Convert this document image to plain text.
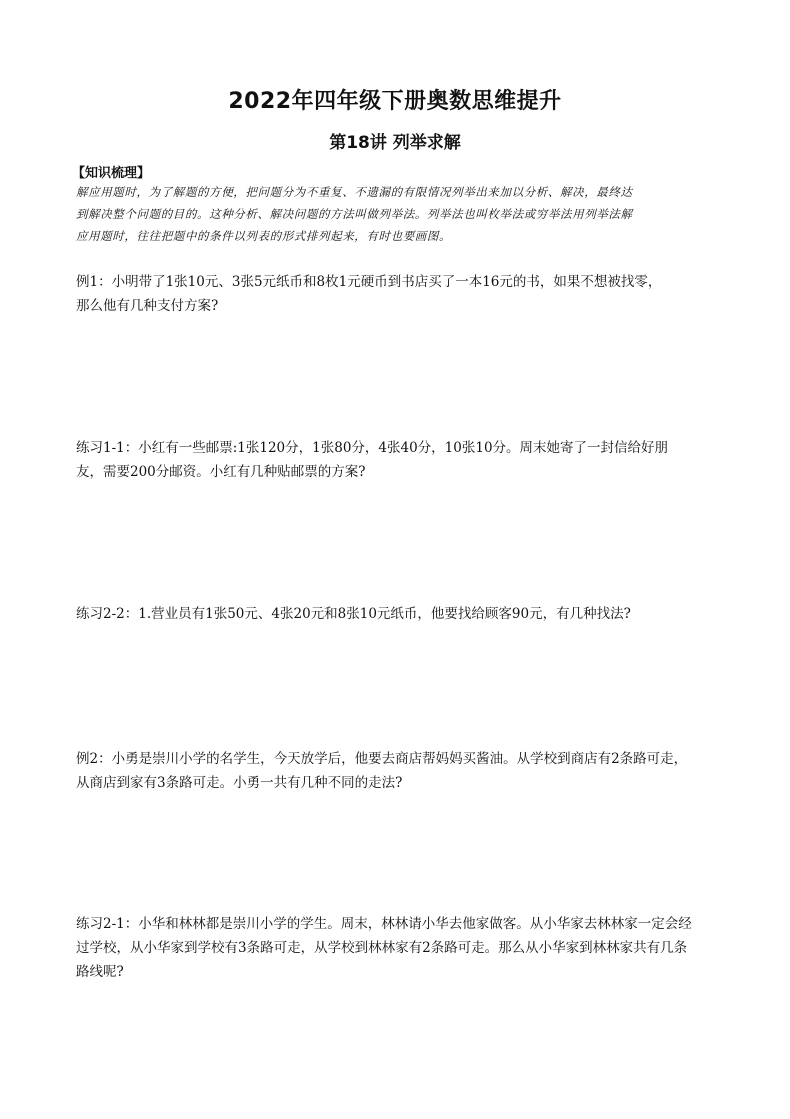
2022年四年级下册奥数思维提升
第18讲 列举求解
【知识梳理】
解应用题时，为了解题的方便，把问题分为不重复、不遗漏的有限情况列举出来加以分析、解决，最终达
到解决整个问题的目的。这种分析、解决问题的方法叫做列举法。列举法也叫枚举法或穷举法用列举法解
应用题时，往往把题中的条件以列表的形式排列起来，有时也要画图。
例1：小明带了1张10元、3张5元纸币和8枚1元硬币到书店买了一本16元的书，如果不想被找零，
那么他有几种支付方案?
练习1-1：小红有一些邮票:1张120分，1张80分，4张40分，10张10分。周末她寄了一封信给好朋
友，需要200分邮资。小红有几种贴邮票的方案?
练习2-2：1.营业员有1张50元、4张20元和8张10元纸币，他要找给顾客90元，有几种找法?
例2：小勇是崇川小学的名学生，今天放学后，他要去商店帮妈妈买酱油。从学校到商店有2条路可走，
从商店到家有3条路可走。小勇一共有几种不同的走法?
练习2-1：小华和林林都是崇川小学的学生。周末，林林请小华去他家做客。从小华家去林林家一定会经
过学校，从小华家到学校有3条路可走，从学校到林林家有2条路可走。那么从小华家到林林家共有几条
路线呢?
